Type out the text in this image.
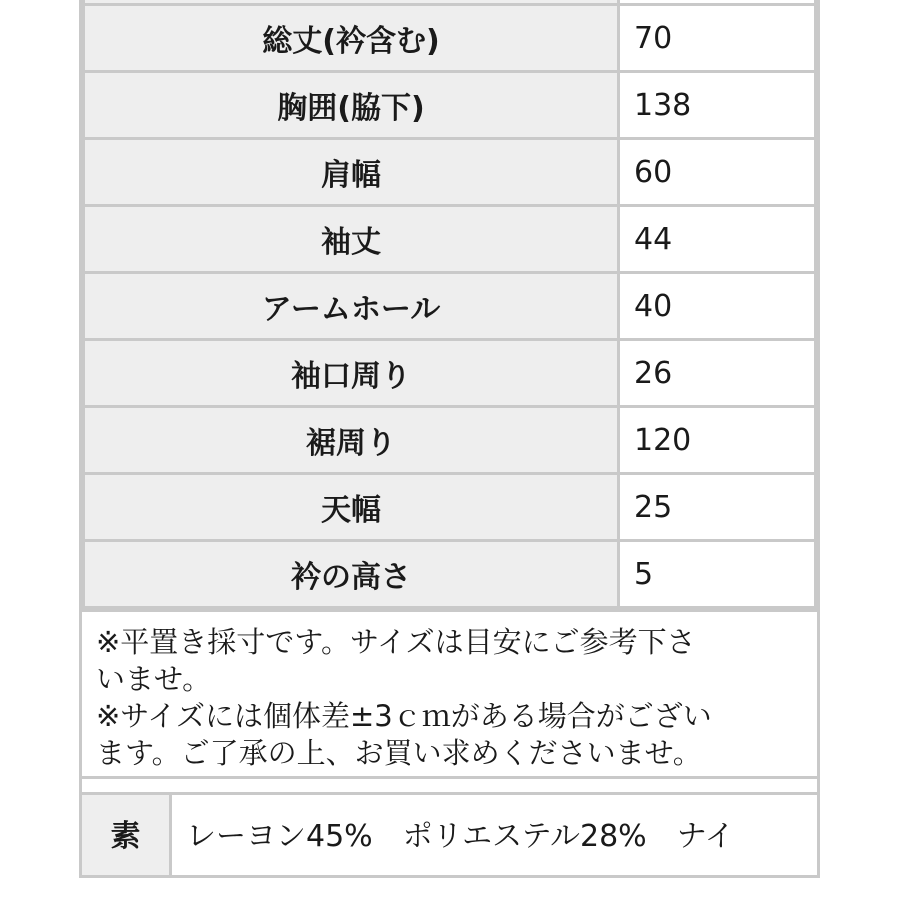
総丈(衿含む)	70
胸囲(脇下)	138
肩幅	60
袖丈	44
アームホール	40
袖口周り	26
裾周り	120
天幅	25
衿の高さ	5

※平置き採寸です。サイズは目安にご参考下さ

いませ。

※サイズには個体差±3ｃｍがある場合がござい

ます。ご了承の上、お買い求めくださいませ。

素	レーヨン45%　ポリエステル28%　ナイ
